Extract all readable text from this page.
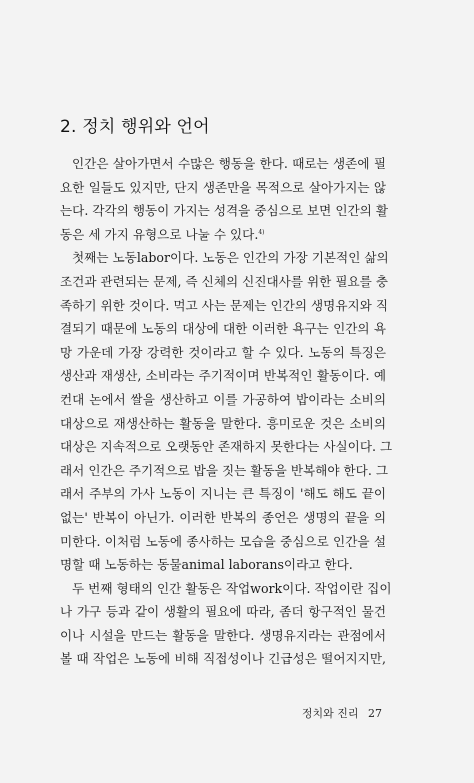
2. 정치 행위와 언어
인간은 살아가면서 수많은 행동을 한다. 때로는 생존에 필
요한 일들도 있지만, 단지 생존만을 목적으로 살아가지는 않
는다. 각각의 행동이 가지는 성격을 중심으로 보면 인간의 활
동은 세 가지 유형으로 나눌 수 있다.$^{4)}$
첫째는 노동labor이다. 노동은 인간의 가장 기본적인 삶의
조건과 관련되는 문제, 즉 신체의 신진대사를 위한 필요를 충
족하기 위한 것이다. 먹고 사는 문제는 인간의 생명유지와 직
결되기 때문에 노동의 대상에 대한 이러한 욕구는 인간의 욕
망 가운데 가장 강력한 것이라고 할 수 있다. 노동의 특징은
생산과 재생산, 소비라는 주기적이며 반복적인 활동이다. 예
컨대 논에서 쌀을 생산하고 이를 가공하여 밥이라는 소비의
대상으로 재생산하는 활동을 말한다. 흥미로운 것은 소비의
대상은 지속적으로 오랫동안 존재하지 못한다는 사실이다. 그
래서 인간은 주기적으로 밥을 짓는 활동을 반복해야 한다. 그
래서 주부의 가사 노동이 지니는 큰 특징이 '해도 해도 끝이
없는' 반복이 아닌가. 이러한 반복의 종언은 생명의 끝을 의
미한다. 이처럼 노동에 종사하는 모습을 중심으로 인간을 설
명할 때 노동하는 동물animal laborans이라고 한다.
두 번째 형태의 인간 활동은 작업work이다. 작업이란 집이
나 가구 등과 같이 생활의 필요에 따라, 좀더 항구적인 물건
이나 시설을 만드는 활동을 말한다. 생명유지라는 관점에서
볼 때 작업은 노동에 비해 직접성이나 긴급성은 떨어지지만,
정치와 진리 27
